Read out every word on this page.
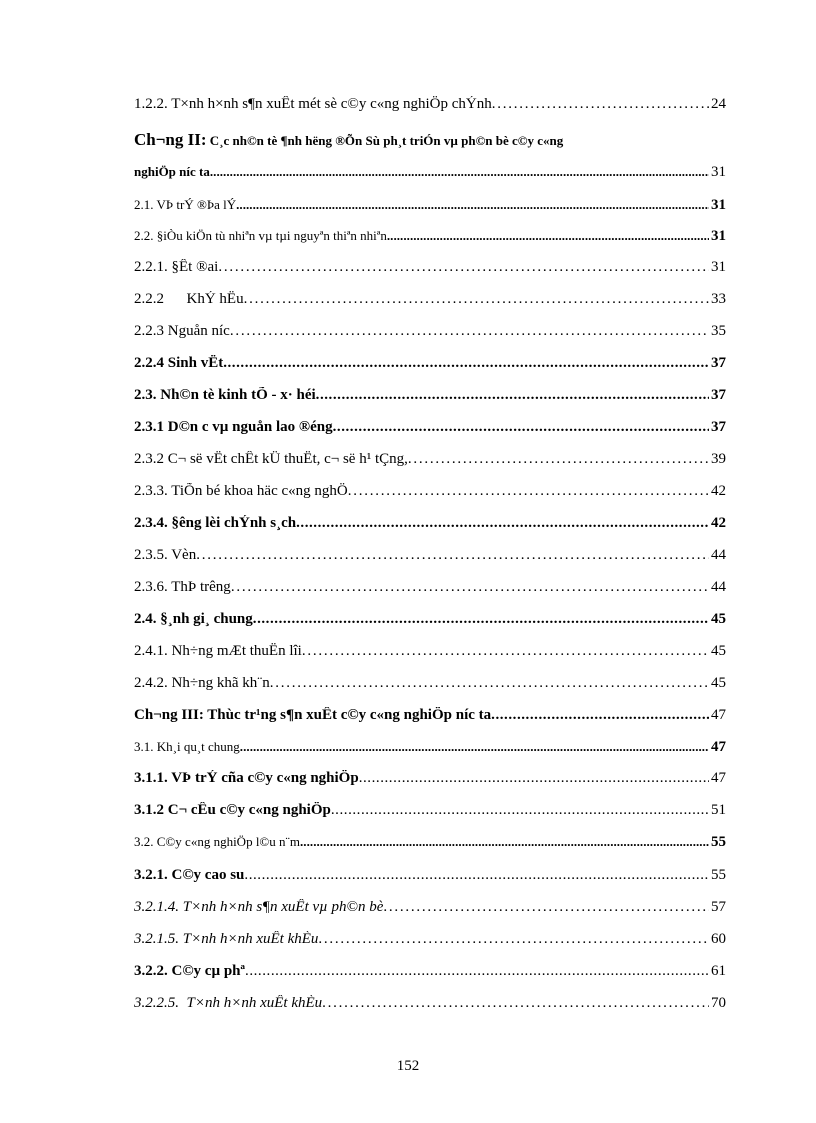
1.2.2. T×nh h×nh s¶n xuÊt mét sè c©y c«ng nghiÖp chÝnh . . .	24
Ch¬ng II: C¸c nh©n tè ¶nh hëng ®Õn Sù ph¸t triÓn vµ ph©n bè c©y c«ng
nghiÖp níc ta . . .	31
2.1. VÞ trÝ ®Þa lÝ . . .	31
2.2. §iÒu kiÖn tù nhiªn vµ tµi nguyªn thiªn nhiªn . . .	31
2.2.1. §Êt ®ai . . .	31
2.2.2      KhÝ hËu . . .	33
2.2.3 Nguån níc . . .	35
2.2.4 Sinh vËt . . .	37
2.3. Nh©n tè kinh tÕ - x· héi . . .	37
2.3.1 D©n c vµ nguån lao ®éng . . .	37
2.3.2 C¬ së vËt chÊt kÜ thuËt, c¬ së h¹ tÇng, . . .	39
2.3.3. TiÕn bé khoa häc c«ng nghÖ . . .	42
2.3.4. §êng lèi chÝnh s¸ch . . .	42
2.3.5. Vèn . . .	44
2.3.6. ThÞ trêng . . .	44
2.4. §¸nh gi¸ chung . . .	45
2.4.1. Nh÷ng mÆt thuËn lîi . . .	45
2.4.2. Nh÷ng khã kh¨n . . .	45
Ch¬ng III: Thùc tr¹ng s¶n xuÊt c©y c«ng nghiÖp níc ta . . .	47
3.1. Kh¸i qu¸t chung . . .	47
3.1.1. VÞ trÝ cña c©y c«ng nghiÖp . . .	47
3.1.2 C¬ cÊu c©y c«ng nghiÖp . . .	51
3.2. C©y c«ng nghiÖp l©u n¨m . . .	55
3.2.1. C©y cao su . . .	55
3.2.1.4. T×nh h×nh s¶n xuÊt vµ ph©n bè . . .	57
3.2.1.5. T×nh h×nh xuÊt khÈu . . .	60
3.2.2. C©y cµ phª . . .	61
3.2.2.5.  T×nh h×nh xuÊt khÈu . . .	70
152
